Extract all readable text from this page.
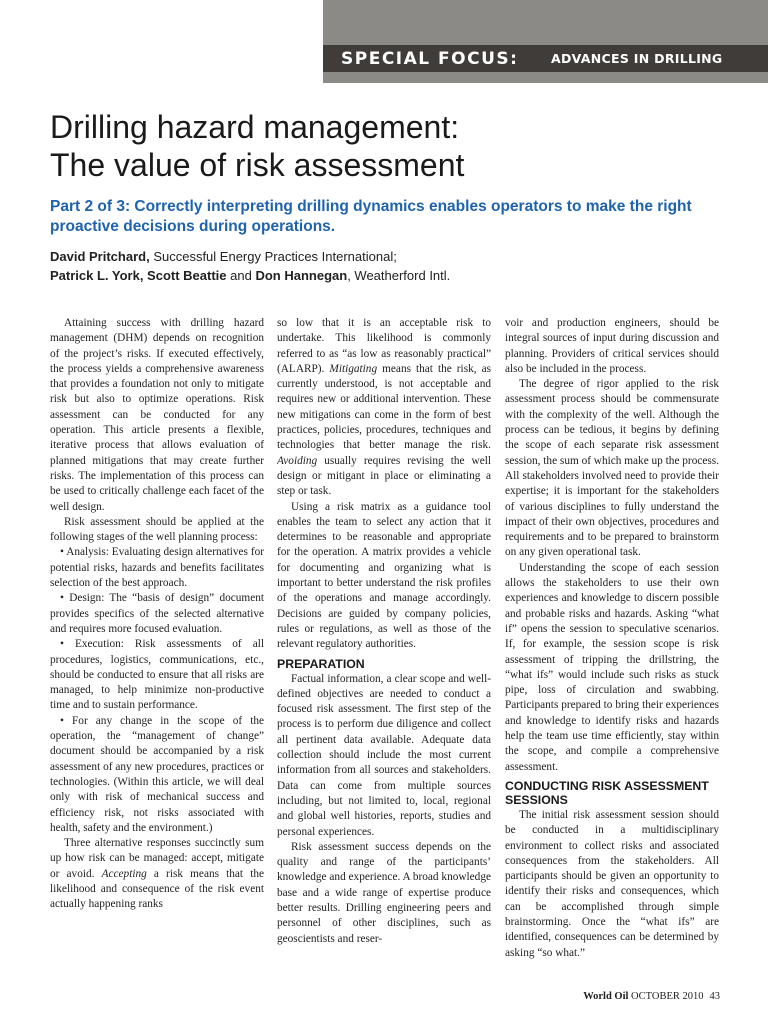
SPECIAL FOCUS:	ADVANCES IN DRILLING
Drilling hazard management:
The value of risk assessment

Part 2 of 3: Correctly interpreting drilling dynamics enables operators to make the right proactive decisions during operations.

David Pritchard, Successful Energy Practices International;
Patrick L. York, Scott Beattie and Don Hannegan, Weatherford Intl.

Attaining success with drilling hazard management (DHM) depends on recognition of the project’s risks. If executed effectively, the process yields a comprehensive awareness that provides a foundation not only to mitigate risk but also to optimize operations. Risk assessment can be conducted for any operation. This article presents a flexible, iterative process that allows evaluation of planned mitigations that may create further risks. The implementation of this process can be used to critically challenge each facet of the well design.

Risk assessment should be applied at the following stages of the well planning process:

• Analysis: Evaluating design alternatives for potential risks, hazards and benefits facilitates selection of the best approach.

• Design: The “basis of design” document provides specifics of the selected alternative and requires more focused evaluation.

• Execution: Risk assessments of all procedures, logistics, communications, etc., should be conducted to ensure that all risks are managed, to help minimize non-productive time and to sustain performance.

• For any change in the scope of the operation, the “management of change” document should be accompanied by a risk assessment of any new procedures, practices or technologies. (Within this article, we will deal only with risk of mechanical success and efficiency risk, not risks associated with health, safety and the environment.)

Three alternative responses succinctly sum up how risk can be managed: accept, mitigate or avoid. Accepting a risk means that the likelihood and consequence of the risk event actually happening ranks

so low that it is an acceptable risk to undertake. This likelihood is commonly referred to as “as low as reasonably practical” (ALARP). Mitigating means that the risk, as currently understood, is not acceptable and requires new or additional intervention. These new mitigations can come in the form of best practices, policies, procedures, techniques and technologies that better manage the risk. Avoiding usually requires revising the well design or mitigant in place or eliminating a step or task.

Using a risk matrix as a guidance tool enables the team to select any action that it determines to be reasonable and appropriate for the operation. A matrix provides a vehicle for documenting and organizing what is important to better understand the risk profiles of the operations and manage accordingly. Decisions are guided by company policies, rules or regulations, as well as those of the relevant regulatory authorities.

PREPARATION

Factual information, a clear scope and well-defined objectives are needed to conduct a focused risk assessment. The first step of the process is to perform due diligence and collect all pertinent data available. Adequate data collection should include the most current information from all sources and stakeholders. Data can come from multiple sources including, but not limited to, local, regional and global well histories, reports, studies and personal experiences.

Risk assessment success depends on the quality and range of the participants’ knowledge and experience. A broad knowledge base and a wide range of expertise produce better results. Drilling engineering peers and personnel of other disciplines, such as geoscientists and reser-

voir and production engineers, should be integral sources of input during discussion and planning. Providers of critical services should also be included in the process.

The degree of rigor applied to the risk assessment process should be commensurate with the complexity of the well. Although the process can be tedious, it begins by defining the scope of each separate risk assessment session, the sum of which make up the process. All stakeholders involved need to provide their expertise; it is important for the stakeholders of various disciplines to fully understand the impact of their own objectives, procedures and requirements and to be prepared to brainstorm on any given operational task.

Understanding the scope of each session allows the stakeholders to use their own experiences and knowledge to discern possible and probable risks and hazards. Asking “what if” opens the session to speculative scenarios. If, for example, the session scope is risk assessment of tripping the drillstring, the “what ifs” would include such risks as stuck pipe, loss of circulation and swabbing. Participants prepared to bring their experiences and knowledge to identify risks and hazards help the team use time efficiently, stay within the scope, and compile a comprehensive assessment.

CONDUCTING RISK ASSESSMENT SESSIONS

The initial risk assessment session should be conducted in a multidisciplinary environment to collect risks and associated consequences from the stakeholders. All participants should be given an opportunity to identify their risks and consequences, which can be accomplished through simple brainstorming. Once the “what ifs” are identified, consequences can be determined by asking “so what.”

World Oil OCTOBER 2010 43
